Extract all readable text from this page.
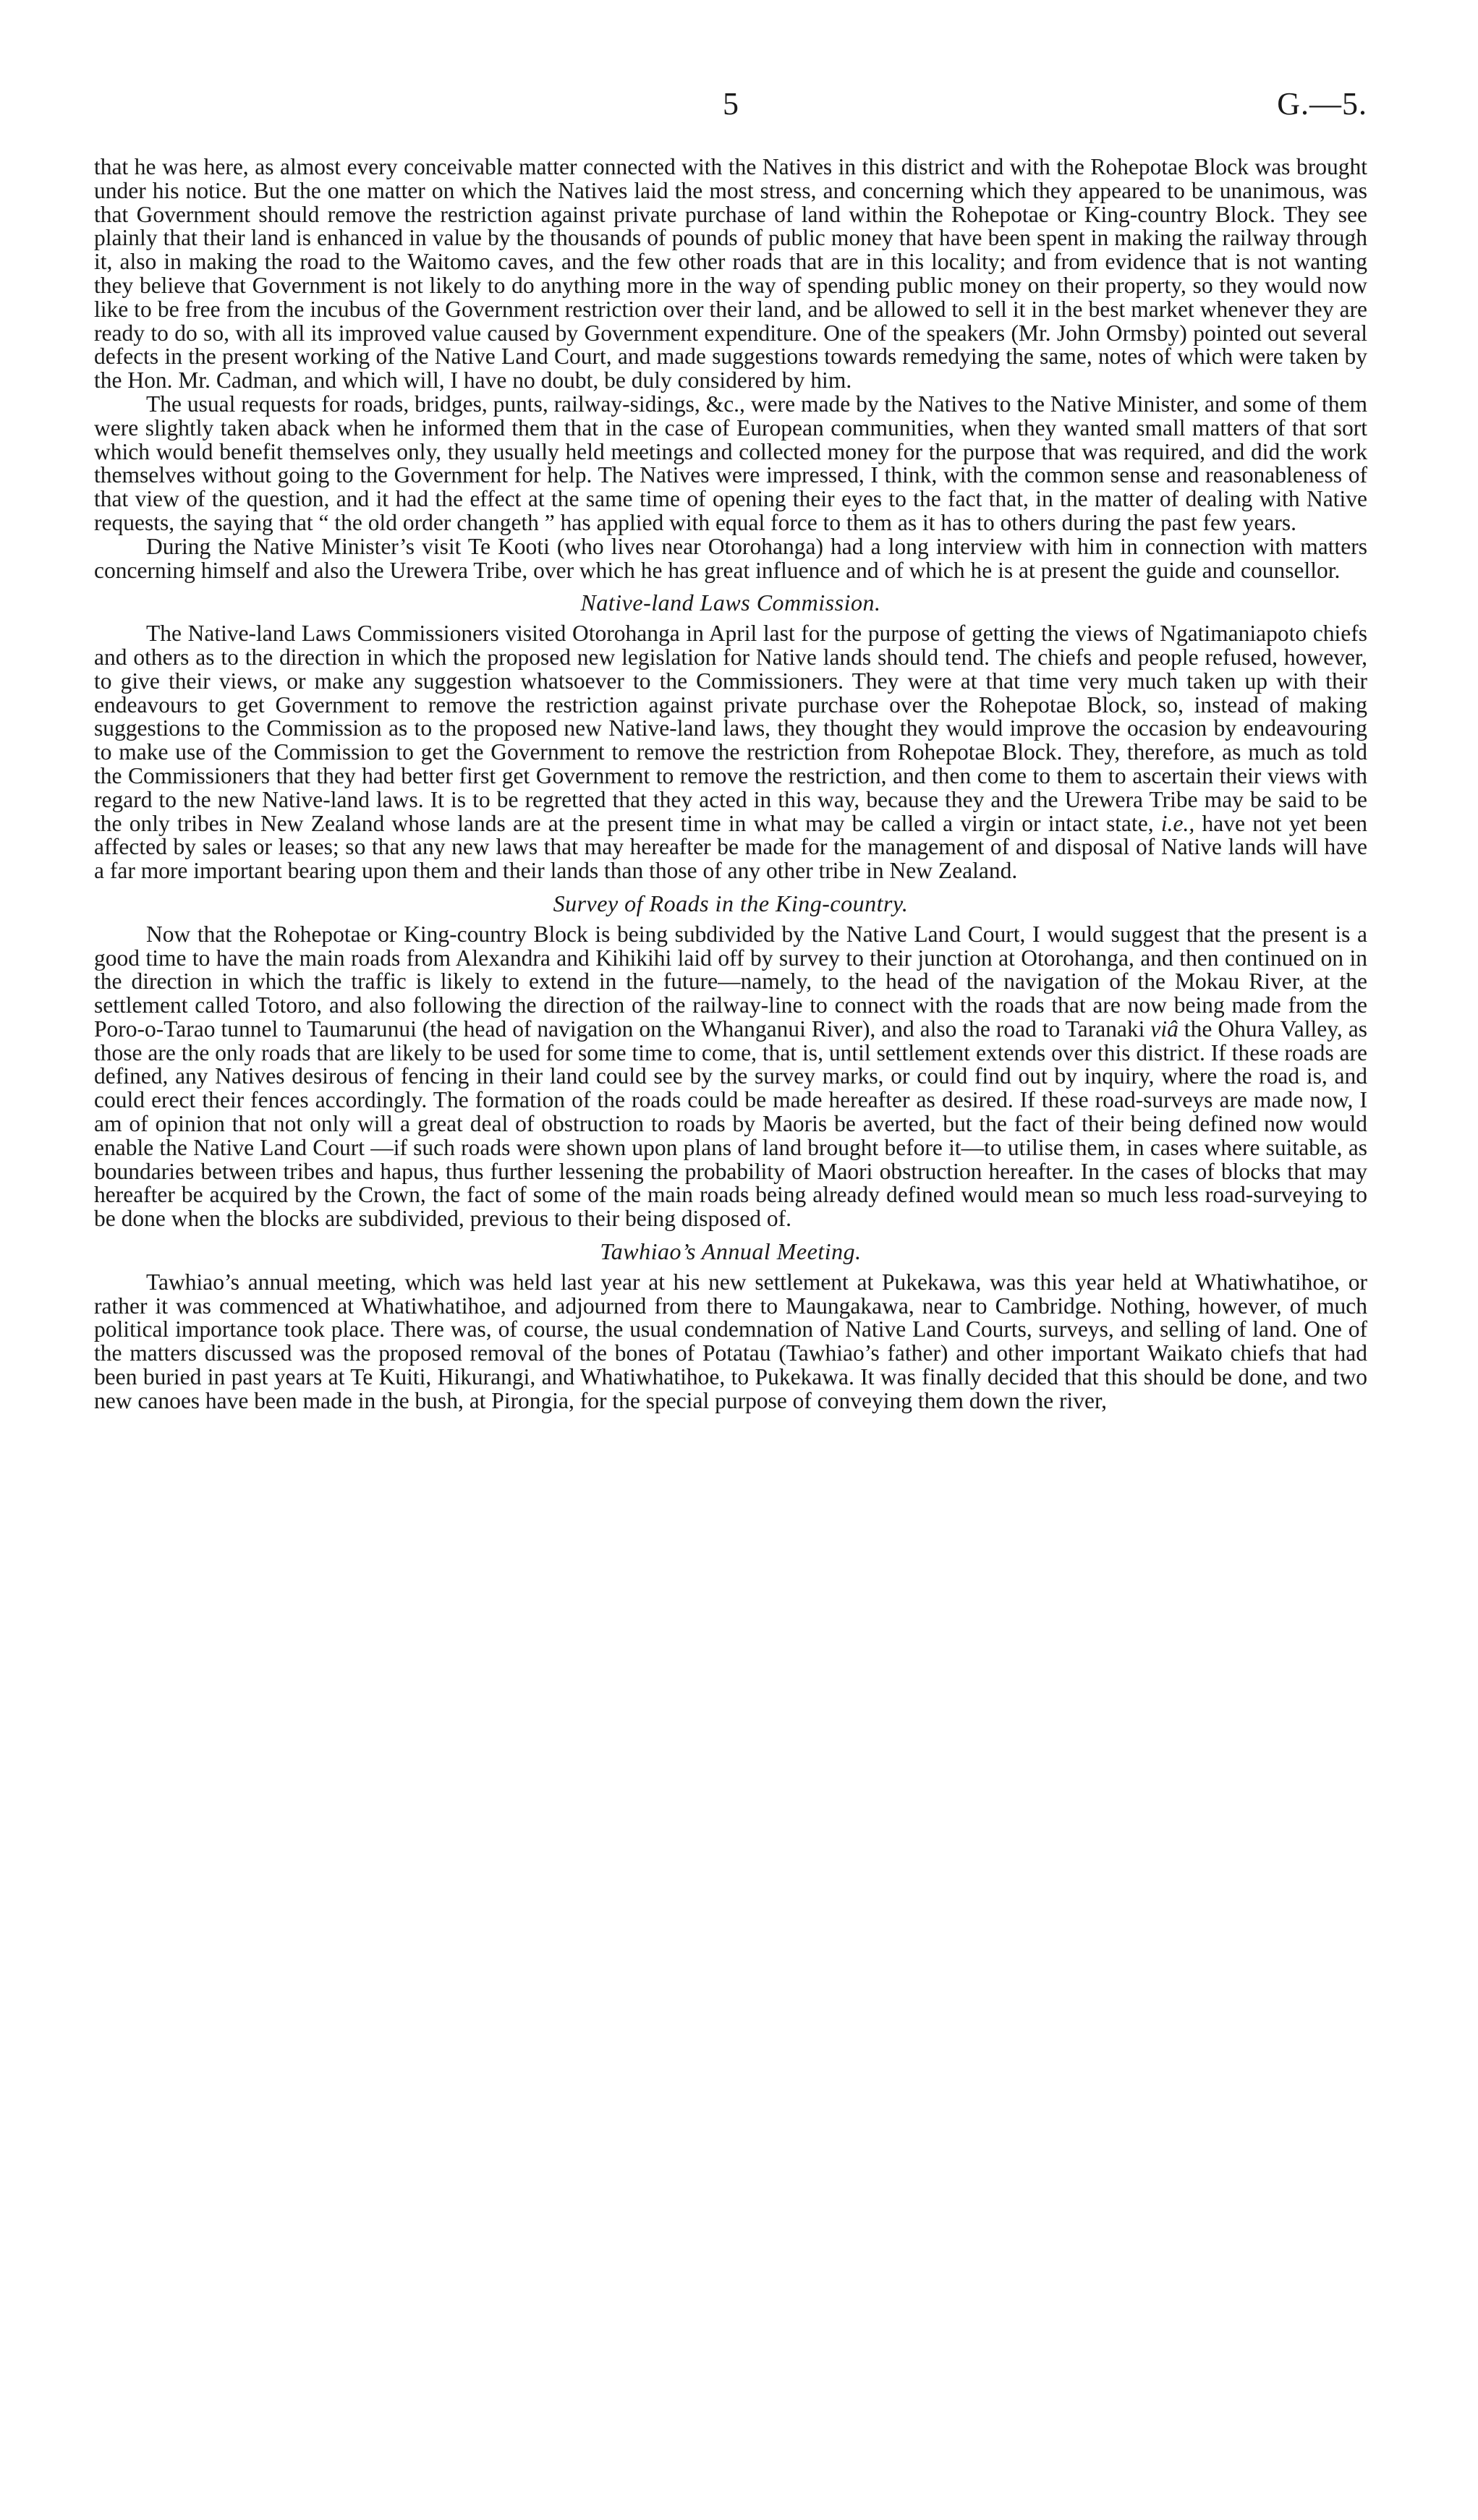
5	G.—5.

that he was here, as almost every conceivable matter connected with the Natives in this district and with the Rohepotae Block was brought under his notice. But the one matter on which the Natives laid the most stress, and concerning which they appeared to be unanimous, was that Government should remove the restriction against private purchase of land within the Rohepotae or King-country Block. They see plainly that their land is enhanced in value by the thousands of pounds of public money that have been spent in making the railway through it, also in making the road to the Waitomo caves, and the few other roads that are in this locality; and from evidence that is not wanting they believe that Government is not likely to do anything more in the way of spending public money on their property, so they would now like to be free from the incubus of the Government restriction over their land, and be allowed to sell it in the best market whenever they are ready to do so, with all its improved value caused by Government expenditure. One of the speakers (Mr. John Ormsby) pointed out several defects in the present working of the Native Land Court, and made suggestions towards remedying the same, notes of which were taken by the Hon. Mr. Cadman, and which will, I have no doubt, be duly considered by him.

The usual requests for roads, bridges, punts, railway-sidings, &c., were made by the Natives to the Native Minister, and some of them were slightly taken aback when he informed them that in the case of European communities, when they wanted small matters of that sort which would benefit themselves only, they usually held meetings and collected money for the purpose that was required, and did the work themselves without going to the Government for help. The Natives were impressed, I think, with the common sense and reasonableness of that view of the question, and it had the effect at the same time of opening their eyes to the fact that, in the matter of dealing with Native requests, the saying that “ the old order changeth ” has applied with equal force to them as it has to others during the past few years.

During the Native Minister’s visit Te Kooti (who lives near Otorohanga) had a long interview with him in connection with matters concerning himself and also the Urewera Tribe, over which he has great influence and of which he is at present the guide and counsellor.

Native-land Laws Commission.

The Native-land Laws Commissioners visited Otorohanga in April last for the purpose of getting the views of Ngatimaniapoto chiefs and others as to the direction in which the proposed new legislation for Native lands should tend. The chiefs and people refused, however, to give their views, or make any suggestion whatsoever to the Commissioners. They were at that time very much taken up with their endeavours to get Government to remove the restriction against private purchase over the Rohepotae Block, so, instead of making suggestions to the Commission as to the proposed new Native-land laws, they thought they would improve the occasion by endeavouring to make use of the Commission to get the Government to remove the restriction from Rohepotae Block. They, therefore, as much as told the Commissioners that they had better first get Government to remove the restriction, and then come to them to ascertain their views with regard to the new Native-land laws. It is to be regretted that they acted in this way, because they and the Urewera Tribe may be said to be the only tribes in New Zealand whose lands are at the present time in what may be called a virgin or intact state, i.e., have not yet been affected by sales or leases; so that any new laws that may hereafter be made for the management of and disposal of Native lands will have a far more important bearing upon them and their lands than those of any other tribe in New Zealand.

Survey of Roads in the King-country.

Now that the Rohepotae or King-country Block is being subdivided by the Native Land Court, I would suggest that the present is a good time to have the main roads from Alexandra and Kihikihi laid off by survey to their junction at Otorohanga, and then continued on in the direction in which the traffic is likely to extend in the future—namely, to the head of the navigation of the Mokau River, at the settlement called Totoro, and also following the direction of the railway-line to connect with the roads that are now being made from the Poro-o-Tarao tunnel to Taumarunui (the head of navigation on the Whanganui River), and also the road to Taranaki viâ the Ohura Valley, as those are the only roads that are likely to be used for some time to come, that is, until settlement extends over this district. If these roads are defined, any Natives desirous of fencing in their land could see by the survey marks, or could find out by inquiry, where the road is, and could erect their fences accordingly. The formation of the roads could be made hereafter as desired. If these road-surveys are made now, I am of opinion that not only will a great deal of obstruction to roads by Maoris be averted, but the fact of their being defined now would enable the Native Land Court —if such roads were shown upon plans of land brought before it—to utilise them, in cases where suitable, as boundaries between tribes and hapus, thus further lessening the probability of Maori obstruction hereafter. In the cases of blocks that may hereafter be acquired by the Crown, the fact of some of the main roads being already defined would mean so much less road-surveying to be done when the blocks are subdivided, previous to their being disposed of.

Tawhiao’s Annual Meeting.

Tawhiao’s annual meeting, which was held last year at his new settlement at Pukekawa, was this year held at Whatiwhatihoe, or rather it was commenced at Whatiwhatihoe, and adjourned from there to Maungakawa, near to Cambridge. Nothing, however, of much political importance took place. There was, of course, the usual condemnation of Native Land Courts, surveys, and selling of land. One of the matters discussed was the proposed removal of the bones of Potatau (Tawhiao’s father) and other important Waikato chiefs that had been buried in past years at Te Kuiti, Hikurangi, and Whatiwhatihoe, to Pukekawa. It was finally decided that this should be done, and two new canoes have been made in the bush, at Pirongia, for the special purpose of conveying them down the river,
